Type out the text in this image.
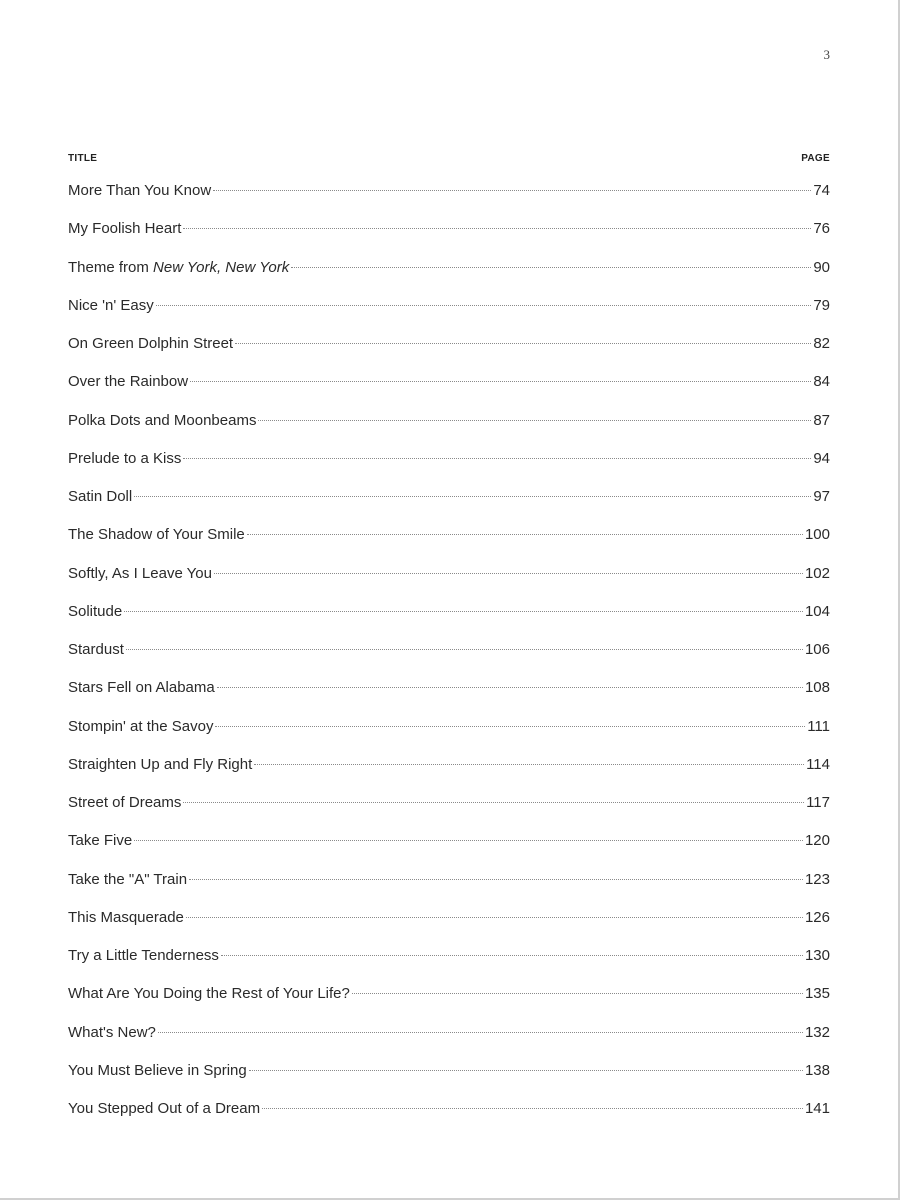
3
TITLE	PAGE
More Than You Know	74
My Foolish Heart	76
Theme from New York, New York	90
Nice 'n' Easy	79
On Green Dolphin Street	82
Over the Rainbow	84
Polka Dots and Moonbeams	87
Prelude to a Kiss	94
Satin Doll	97
The Shadow of Your Smile	100
Softly, As I Leave You	102
Solitude	104
Stardust	106
Stars Fell on Alabama	108
Stompin' at the Savoy	111
Straighten Up and Fly Right	114
Street of Dreams	117
Take Five	120
Take the "A" Train	123
This Masquerade	126
Try a Little Tenderness	130
What Are You Doing the Rest of Your Life?	135
What's New?	132
You Must Believe in Spring	138
You Stepped Out of a Dream	141
